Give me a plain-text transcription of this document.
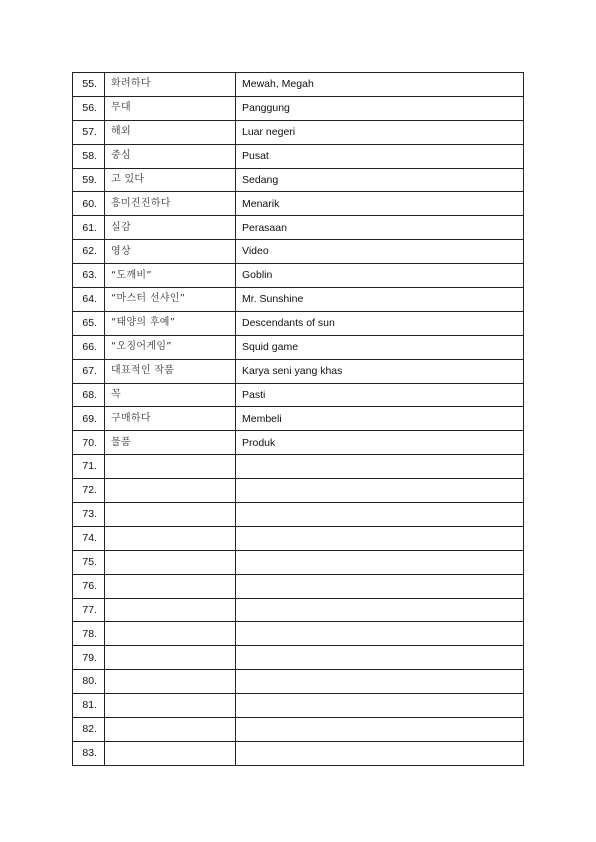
55.	화려하다	Mewah, Megah
56.	무대	Panggung
57.	해외	Luar negeri
58.	중심	Pusat
59.	고 있다	Sedang
60.	흥미진진하다	Menarik
61.	실감	Perasaan
62.	영상	Video
63.	“도깨비”	Goblin
64.	“마스터 선샤인”	Mr. Sunshine
65.	“태양의 후예”	Descendants of sun
66.	“오징어게임”	Squid game
67.	대표적인 작품	Karya seni yang khas
68.	꼭	Pasti
69.	구매하다	Membeli
70.	물품	Produk
71.		
72.		
73.		
74.		
75.		
76.		
77.		
78.		
79.		
80.		
81.		
82.		
83.		
